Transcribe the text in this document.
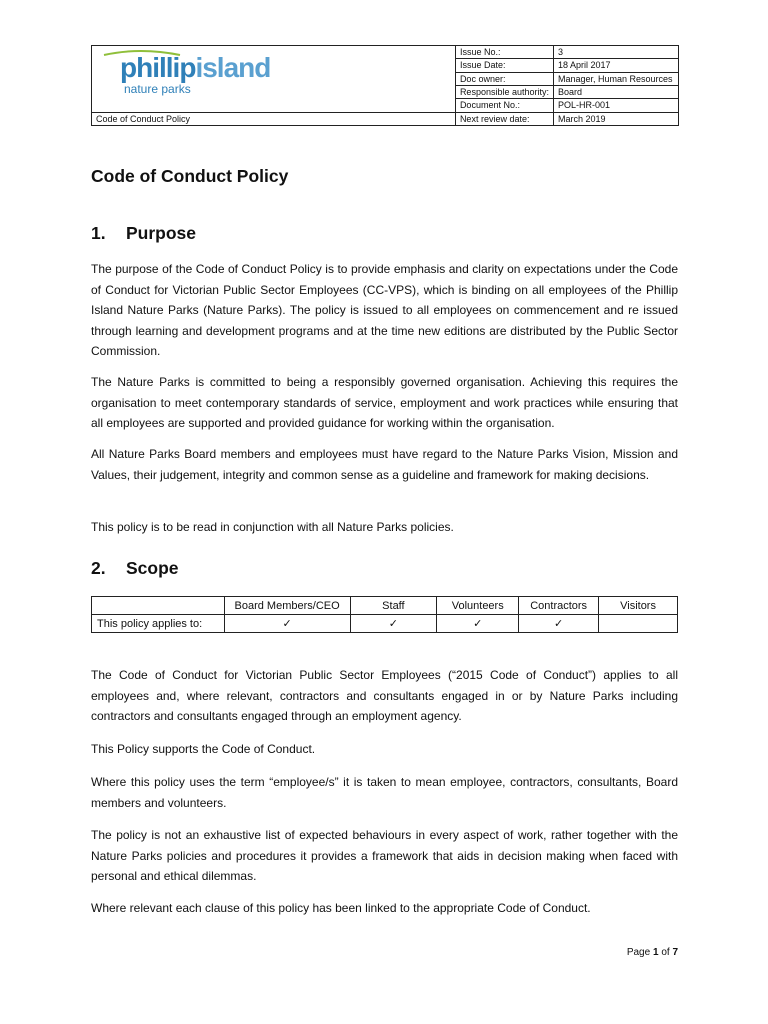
phillipisland
nature parks	Issue No.:	3
	Issue Date:	18 April 2017
	Doc owner:	Manager, Human Resources
	Responsible authority:	Board
	Document No.:	POL-HR-001
Code of Conduct Policy	Next review date:	March 2019
Code of Conduct Policy
1. Purpose

The purpose of the Code of Conduct Policy is to provide emphasis and clarity on expectations under the Code of Conduct for Victorian Public Sector Employees (CC-VPS), which is binding on all employees of the Phillip Island Nature Parks (Nature Parks). The policy is issued to all employees on commencement and re issued through learning and development programs and at the time new editions are distributed by the Public Sector Commission.

The Nature Parks is committed to being a responsibly governed organisation. Achieving this requires the organisation to meet contemporary standards of service, employment and work practices while ensuring that all employees are supported and provided guidance for working within the organisation.

All Nature Parks Board members and employees must have regard to the Nature Parks Vision, Mission and Values, their judgement, integrity and common sense as a guideline and framework for making decisions.

This policy is to be read in conjunction with all Nature Parks policies.

2. Scope
	Board Members/CEO	Staff	Volunteers	Contractors	Visitors
This policy applies to:	✓	✓	✓	✓	

The Code of Conduct for Victorian Public Sector Employees (“2015 Code of Conduct”) applies to all employees and, where relevant, contractors and consultants engaged in or by Nature Parks including contractors and consultants engaged through an employment agency.

This Policy supports the Code of Conduct.

Where this policy uses the term “employee/s” it is taken to mean employee, contractors, consultants, Board members and volunteers.

The policy is not an exhaustive list of expected behaviours in every aspect of work, rather together with the Nature Parks policies and procedures it provides a framework that aids in decision making when faced with personal and ethical dilemmas.

Where relevant each clause of this policy has been linked to the appropriate Code of Conduct.

Page 1 of 7
